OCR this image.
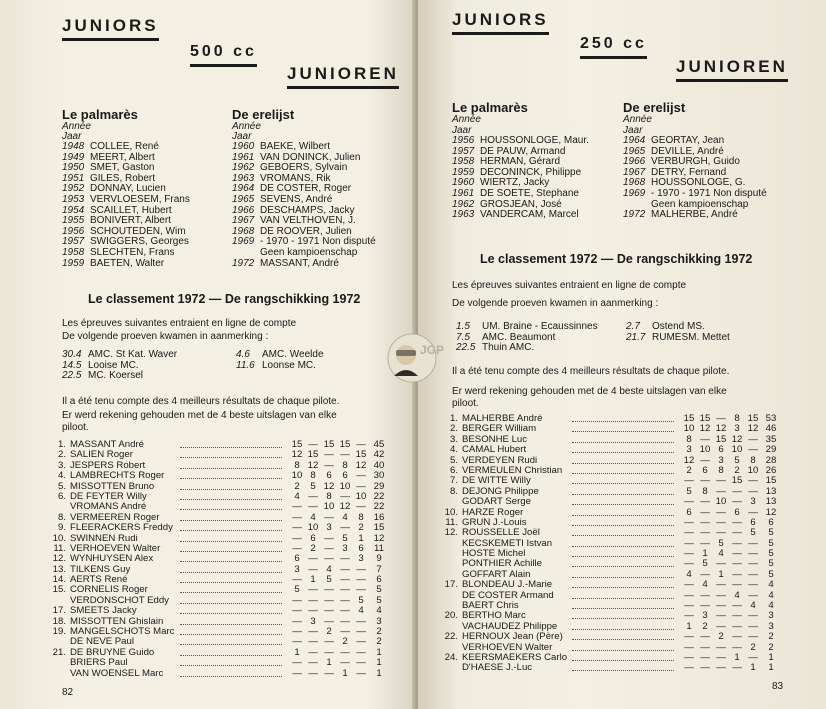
JUNIORS
500 cc
JUNIOREN
Le palmarès
Année
Jaar
1948 COLLEE, René
1949 MEERT, Albert
1950 SMET, Gaston
1951 GILES, Robert
1952 DONNAY, Lucien
1953 VERVLOESEM, Frans
1954 SCAILLET, Hubert
1955 BONIVERT, Albert
1956 SCHOUTEDEN, Wim
1957 SWIGGERS, Georges
1958 SLECHTEN, Frans
1959 BAETEN, Walter
De erelijst
Année
Jaar
1960 BAEKE, Wilbert
1961 VAN DONINCK, Julien
1962 GEBOERS, Sylvain
1963 VROMANS, Rik
1964 DE COSTER, Roger
1965 SEVENS, André
1966 DESCHAMPS, Jacky
1967 VAN VELTHOVEN, J.
1968 DE ROOVER, Julien
1969 - 1970 - 1971 Non disputé
Geen kampioenschap
1972 MASSANT, André
Le classement 1972 — De rangschikking 1972
Les épreuves suivantes entraient en ligne de compte
De volgende proeven kwamen in aanmerking :
30.4 AMC. St Kat. Waver
14.5 Looise MC.
22.5 MC. Koersel
4.6	AMC. Weelde
11.6 Loonse MC.
Il a été tenu compte des 4 meilleurs résultats de chaque pilote.
Er werd rekening gehouden met de 4 beste uitslagen van elke
piloot.
1. MASSANT André	15 — 15 15 — 45
2. SALIEN Roger	12 15 — — 15 42
3. JESPERS Robert	8 12 — 8 12 40
4. LAMBRECHTS Roger	10 8	6	6 — 30
5. MISSOTTEN Bruno	2	5 12 10 — 29
6. DE FEYTER Willy	4 — 8 — 10 22
VROMANS André	— — 10 12 — 22
8. VERMEEREN Roger	— 4 — 4	8	16
9. FLEERACKERS Freddy	— 10 3 — 2	15
10. SWINNEN Rudi	— 6 — 5	1	12
11. VERHOEVEN Walter	— 2 — 3	6	11
12. WYNHUYSEN Alex	6 — — — 3	9
13. TILKENS Guy	3 — 4 — —	7
14. AERTS René	— 1	5 — —	6
15. CORNELIS Roger	5 — — — —	5
VERDONSCHOT Eddy	— — — — 5	5
17. SMEETS Jacky	— — — — 4	4
18. MISSOTTEN Ghislain	— 3 — — —	3
19. MANGELSCHOTS Marc	— — 2 — —	2
DE NEVE Paul	— — — 2 —	2
21. DE BRUYNE Guido	1 — — — —	1
BRIERS Paul	— — 1 — —	1
VAN WOENSEL Marc	— — — 1 —	1
82
JUNIORS
250 cc
JUNIOREN
Le palmarès
Année
Jaar
1956 HOUSSONLOGE, Maur.
1957 DE PAUW, Armand
1958 HERMAN, Gérard
1959 DECONINCK, Philippe
1960 WIERTZ, Jacky
1961 DE SOETE, Stephane
1962 GROSJEAN, José
1963 VANDERCAM, Marcel
De erelijst
Année
Jaar
1964 GEORTAY, Jean
1965 DEVILLE, André
1966 VERBURGH, Guido
1967 DETRY, Fernand
1968 HOUSSONLOGE, G.
1969 - 1970 - 1971 Non disputé
Geen kampioenschap
1972 MALHERBE, André
Le classement 1972 — De rangschikking 1972
Les épreuves suivantes entraient en ligne de compte
De volgende proeven kwamen in aanmerking :
1.5	UM. Braine - Ecaussinnes
7.5	AMC. Beaumont
22.5 Thuin AMC.
2.7	Ostend MS.
21.7 RUMESM. Mettet
Il a été tenu compte des 4 meilleurs résultats de chaque pilote.
Er werd rekening gehouden met de 4 beste uitslagen van elke
piloot.
1. MALHERBE André	15 15 — 8 15 53
2. BERGER William	10 12 12 3 12 46
3. BESONHE Luc	8 — 15 12 — 35
4. CAMAL Hubert	3 10 6 10 — 29
5. VERDEYEN Rudi	12 — 3	5	8	28
6. VERMEULEN Christian	2	6	8	2 10 26
7. DE WITTE Willy	— — — 15 — 15
8. DEJONG Philippe	5	8 — — — 13
GODART Serge	— — 10 — 3	13
10. HARZE Roger	6 — — 6 — 12
11. GRUN J.-Louis	— — — — 6	6
12. ROUSSELLE Joël	— — — — 5	5
KECSKEMETI Istvan	— — 5 — —	5
HOSTE Michel	— 1	4 — —	5
PONTHIER Achille	— 5 — — —	5
GOFFART Alain	4 — 1 — —	5
17. BLONDEAU J.-Marie	— 4 — — —	4
DE COSTER Armand	— — — 4 —	4
BAERT Chris	— — — — 4	4
20. BERTHO Marc	— 3 — — —	3
VACHAUDEZ Philippe	1	2 — — —	3
22. HERNOUX Jean (Père)	— — 2 — —	2
VERHOEVEN Walter	— — — — 2	2
24. KEERSMAEKERS Carlo	— — — 1 —	1
D'HAESE J.-Luc	— — — — 1	1
83
JGP
